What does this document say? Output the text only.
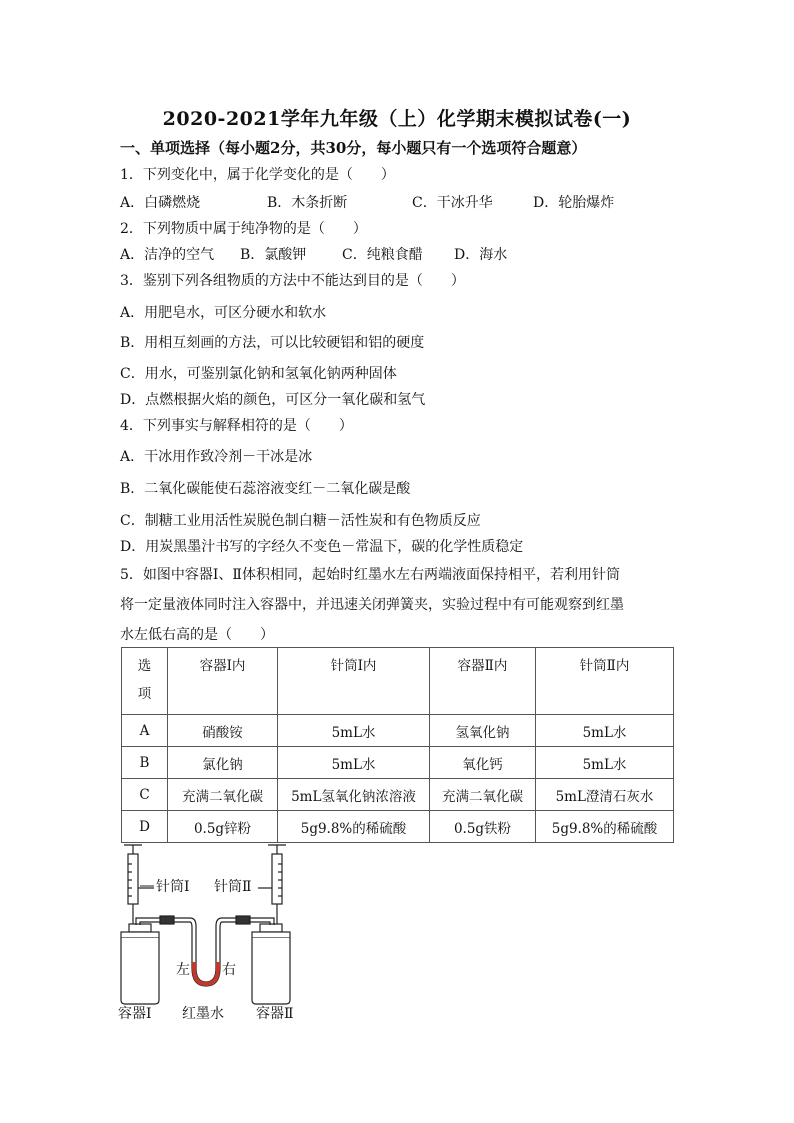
2020-2021学年九年级（上）化学期末模拟试卷(一)
一、单项选择（每小题2分，共30分，每小题只有一个选项符合题意）
1．下列变化中，属于化学变化的是（　　）
A．白磷燃烧	B．木条折断	C．干冰升华	D．轮胎爆炸
2．下列物质中属于纯净物的是（　　）
A．洁净的空气 B．氯酸钾	C．纯粮食醋 D．海水
3．鉴别下列各组物质的方法中不能达到目的是（　　）
A．用肥皂水，可区分硬水和软水
B．用相互刻画的方法，可以比较硬铝和铝的硬度
C．用水，可鉴别氯化钠和氢氧化钠两种固体
D．点燃根据火焰的颜色，可区分一氧化碳和氢气
4．下列事实与解释相符的是（　　）
A．干冰用作致冷剂－干冰是冰
B．二氧化碳能使石蕊溶液变红－二氧化碳是酸
C．制糖工业用活性炭脱色制白糖－活性炭和有色物质反应
D．用炭黑墨汁书写的字经久不变色－常温下，碳的化学性质稳定
5．如图中容器Ⅰ、Ⅱ体积相同，起始时红墨水左右两端液面保持相平，若利用针筒
将一定量液体同时注入容器中，并迅速关闭弹簧夹，实验过程中有可能观察到红墨
水左低右高的是（　　）
选
项	容器Ⅰ内	针筒Ⅰ内	容器Ⅱ内	针筒Ⅱ内
A	硝酸铵	5mL水	氢氧化钠	5mL水
B	氯化钠	5mL水	氧化钙	5mL水
C	充满二氧化碳	5mL氢氧化钠浓溶液	充满二氧化碳	5mL澄清石灰水
D	0.5g锌粉	5g9.8%的稀硫酸	0.5g铁粉	5g9.8%的稀硫酸
针筒Ⅰ 针筒Ⅱ
左 右
容器Ⅰ 红墨水 容器Ⅱ
